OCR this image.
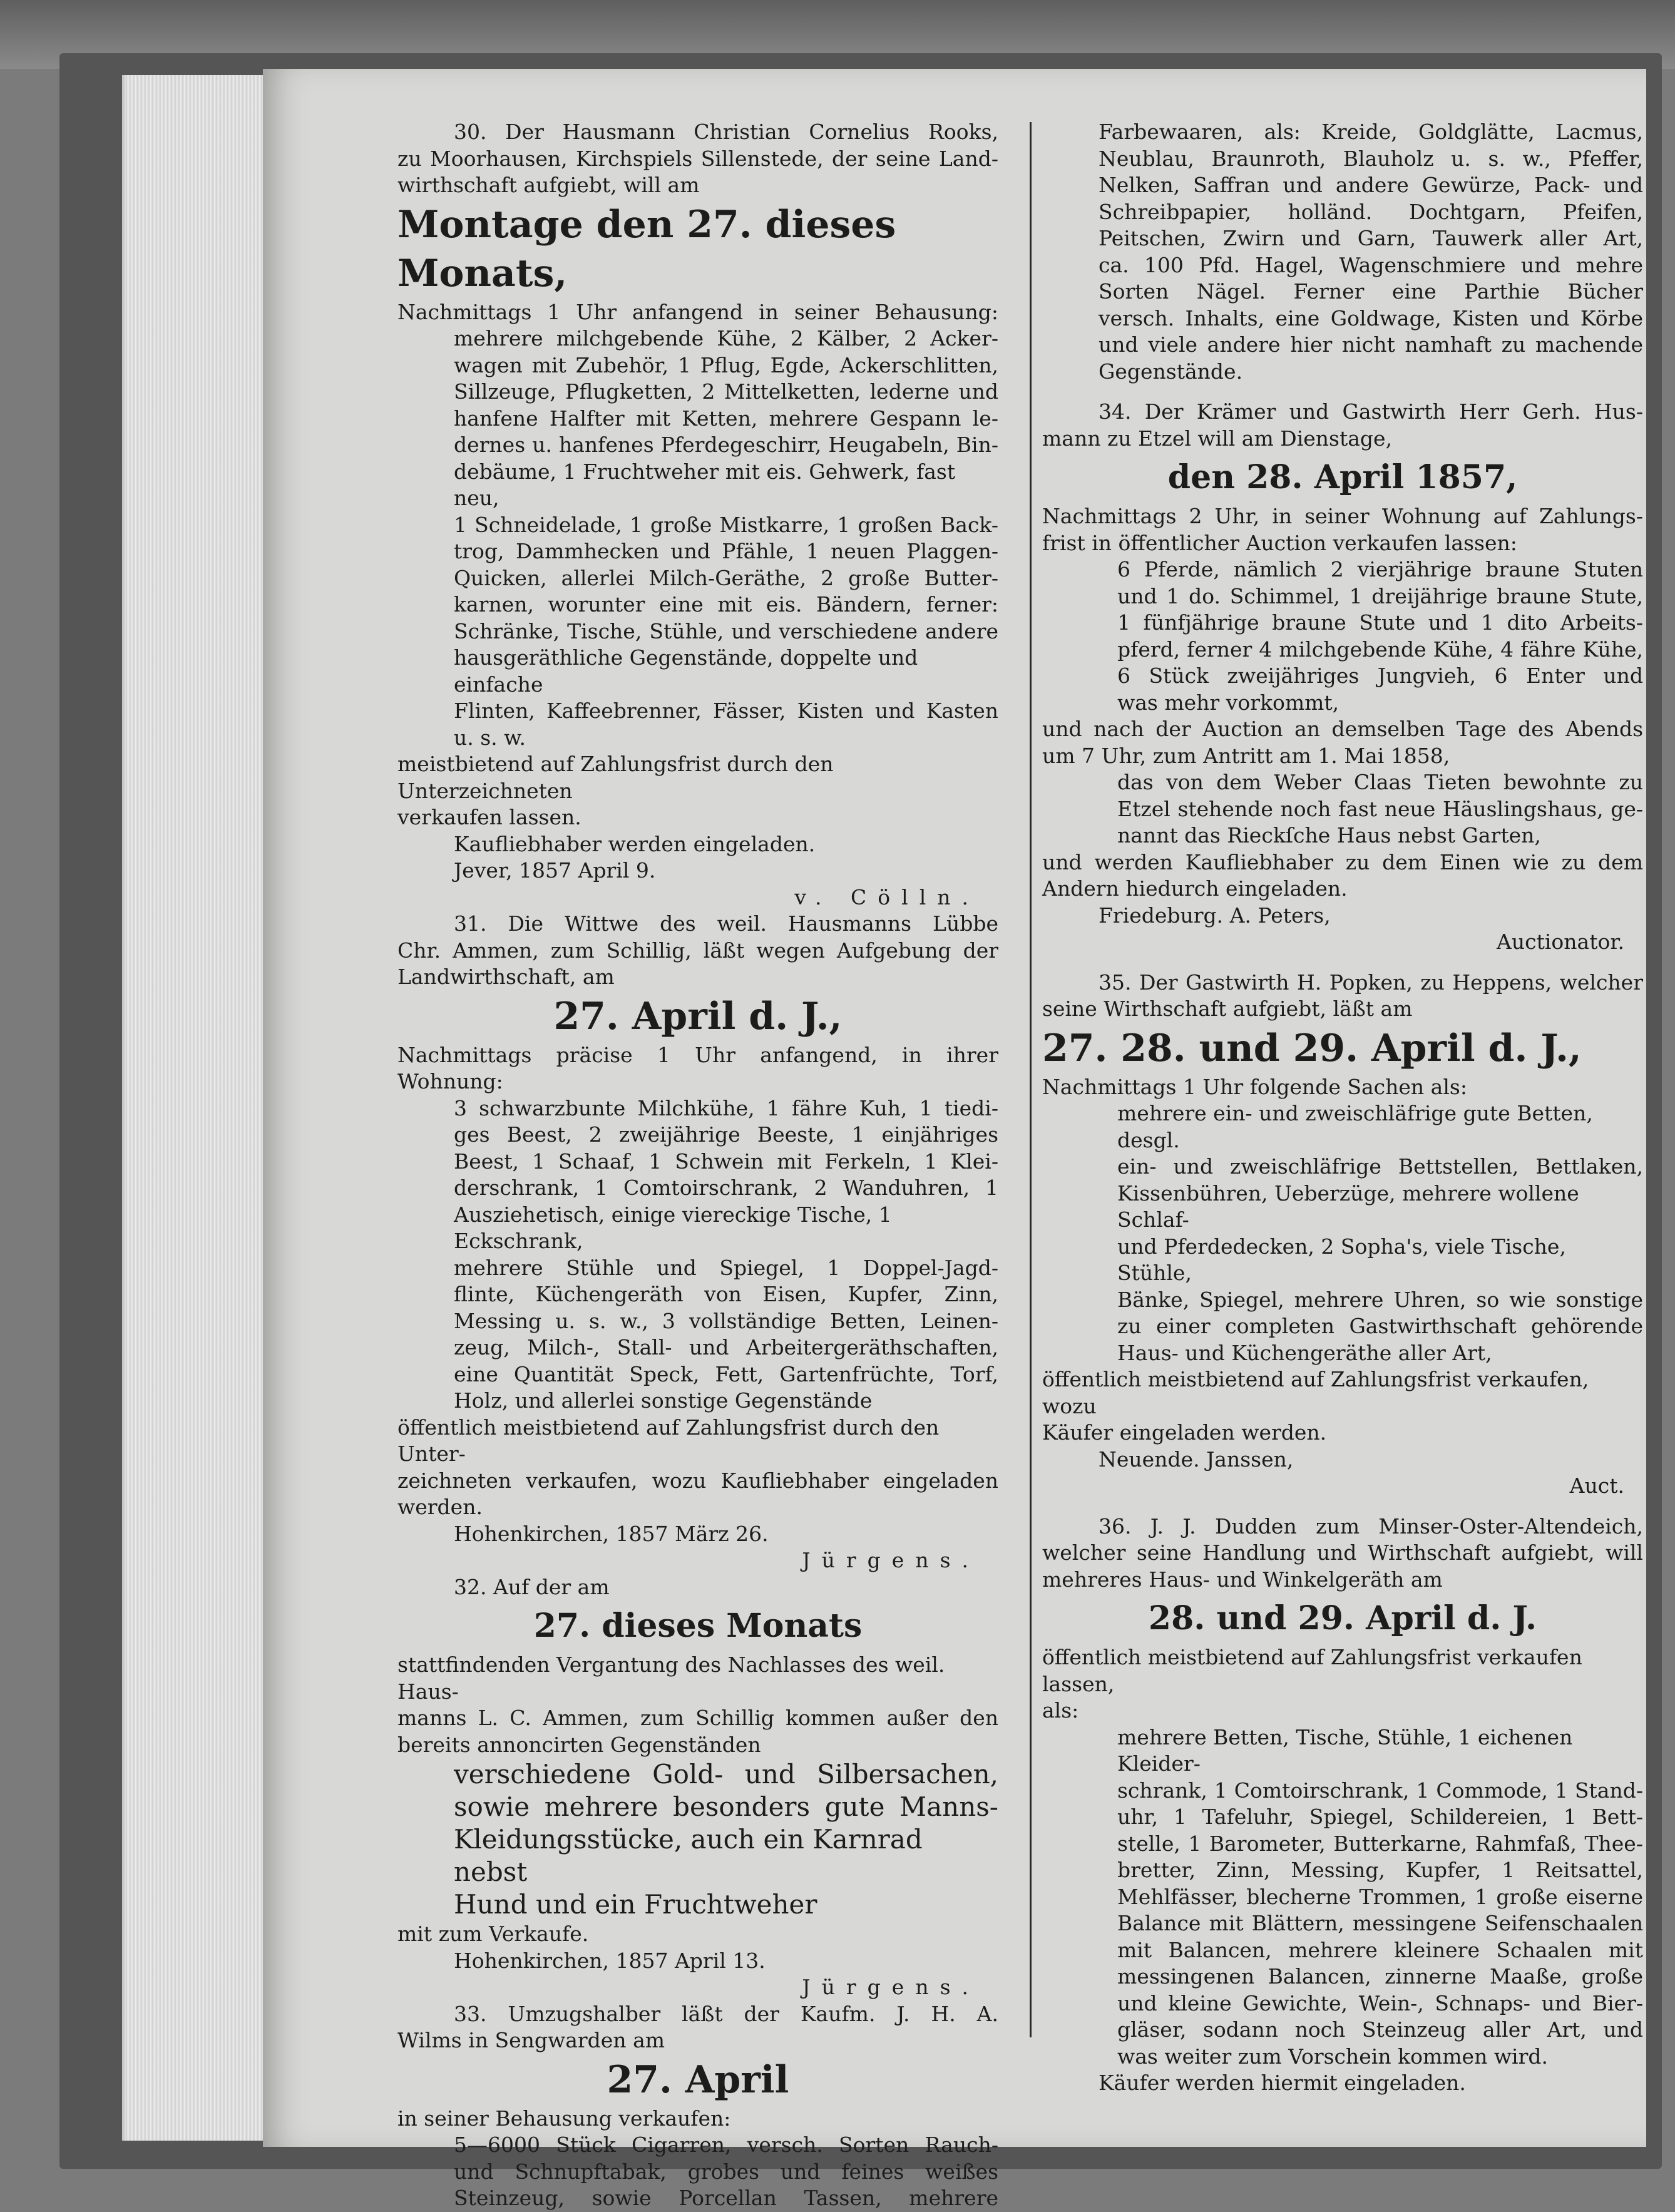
30. Der Hausmann Christian Cornelius Rooks,

zu Moorhausen, Kirchspiels Sillenstede, der seine Land-

wirthschaft aufgiebt, will am

Montage den 27. dieses Monats,

Nachmittags 1 Uhr anfangend in seiner Behausung:

mehrere milchgebende Kühe, 2 Kälber, 2 Acker-

wagen mit Zubehör, 1 Pflug, Egde, Ackerschlitten,

Sillzeuge, Pflugketten, 2 Mittelketten, lederne und

hanfene Halfter mit Ketten, mehrere Gespann le-

dernes u. hanfenes Pferdegeschirr, Heugabeln, Bin-

debäume, 1 Fruchtweher mit eis. Gehwerk, fast neu,

1 Schneidelade, 1 große Mistkarre, 1 großen Back-

trog, Dammhecken und Pfähle, 1 neuen Plaggen-

Quicken, allerlei Milch-Geräthe, 2 große Butter-

karnen, worunter eine mit eis. Bändern, ferner:

Schränke, Tische, Stühle, und verschiedene andere

hausgeräthliche Gegenstände, doppelte und einfache

Flinten, Kaffeebrenner, Fässer, Kisten und Kasten

u. s. w.

meistbietend auf Zahlungsfrist durch den Unterzeichneten

verkaufen lassen.

Kaufliebhaber werden eingeladen.

Jever, 1857 April 9.

v. Cölln.

31. Die Wittwe des weil. Hausmanns Lübbe

Chr. Ammen, zum Schillig, läßt wegen Aufgebung der

Landwirthschaft, am

27. April d. J.,

Nachmittags präcise 1 Uhr anfangend, in ihrer

Wohnung:

3 schwarzbunte Milchkühe, 1 fähre Kuh, 1 tiedi-

ges Beest, 2 zweijährige Beeste, 1 einjähriges

Beest, 1 Schaaf, 1 Schwein mit Ferkeln, 1 Klei-

derschrank, 1 Comtoirschrank, 2 Wanduhren, 1

Ausziehetisch, einige viereckige Tische, 1 Eckschrank,

mehrere Stühle und Spiegel, 1 Doppel-Jagd-

flinte, Küchengeräth von Eisen, Kupfer, Zinn,

Messing u. s. w., 3 vollständige Betten, Leinen-

zeug, Milch-, Stall- und Arbeitergeräthschaften,

eine Quantität Speck, Fett, Gartenfrüchte, Torf,

Holz, und allerlei sonstige Gegenstände

öffentlich meistbietend auf Zahlungsfrist durch den Unter-

zeichneten verkaufen, wozu Kaufliebhaber eingeladen

werden.

Hohenkirchen, 1857 März 26.

Jürgens.

32. Auf der am

27. dieses Monats

stattfindenden Vergantung des Nachlasses des weil. Haus-

manns L. C. Ammen, zum Schillig kommen außer den

bereits annoncirten Gegenständen

verschiedene Gold- und Silbersachen,

sowie mehrere besonders gute Manns-

Kleidungsstücke, auch ein Karnrad nebst

Hund und ein Fruchtweher

mit zum Verkaufe.

Hohenkirchen, 1857 April 13.

Jürgens.

33. Umzugshalber läßt der Kaufm. J. H. A.

Wilms in Sengwarden am

27. April

in seiner Behausung verkaufen:

5—6000 Stück Cigarren, versch. Sorten Rauch-

und Schnupftabak, grobes und feines weißes

Steinzeug, sowie Porcellan Tassen, mehrere

Farbewaaren, als: Kreide, Goldglätte, Lacmus,

Neublau, Braunroth, Blauholz u. s. w., Pfeffer,

Nelken, Saffran und andere Gewürze, Pack- und

Schreibpapier, holländ. Dochtgarn, Pfeifen,

Peitschen, Zwirn und Garn, Tauwerk aller Art,

ca. 100 Pfd. Hagel, Wagenschmiere und mehre

Sorten Nägel. Ferner eine Parthie Bücher

versch. Inhalts, eine Goldwage, Kisten und Körbe

und viele andere hier nicht namhaft zu machende

Gegenstände.

34. Der Krämer und Gastwirth Herr Gerh. Hus-

mann zu Etzel will am Dienstage,

den 28. April 1857,

Nachmittags 2 Uhr, in seiner Wohnung auf Zahlungs-

frist in öffentlicher Auction verkaufen lassen:

6 Pferde, nämlich 2 vierjährige braune Stuten

und 1 do. Schimmel, 1 dreijährige braune Stute,

1 fünfjährige braune Stute und 1 dito Arbeits-

pferd, ferner 4 milchgebende Kühe, 4 fähre Kühe,

6 Stück zweijähriges Jungvieh, 6 Enter und

was mehr vorkommt,

und nach der Auction an demselben Tage des Abends

um 7 Uhr, zum Antritt am 1. Mai 1858,

das von dem Weber Claas Tieten bewohnte zu

Etzel stehende noch fast neue Häuslingshaus, ge-

nannt das Rieckſche Haus nebst Garten,

und werden Kaufliebhaber zu dem Einen wie zu dem

Andern hiedurch eingeladen.

Friedeburg. A. Peters,

Auctionator.

35. Der Gastwirth H. Popken, zu Heppens, welcher

seine Wirthschaft aufgiebt, läßt am

27. 28. und 29. April d. J.,

Nachmittags 1 Uhr folgende Sachen als:

mehrere ein- und zweischläfrige gute Betten, desgl.

ein- und zweischläfrige Bettstellen, Bettlaken,

Kissenbühren, Ueberzüge, mehrere wollene Schlaf-

und Pferdedecken, 2 Sopha's, viele Tische, Stühle,

Bänke, Spiegel, mehrere Uhren, so wie sonstige

zu einer completen Gastwirthschaft gehörende

Haus- und Küchengeräthe aller Art,

öffentlich meistbietend auf Zahlungsfrist verkaufen, wozu

Käufer eingeladen werden.

Neuende. Janssen,

Auct.

36. J. J. Dudden zum Minser-Oster-Altendeich,

welcher seine Handlung und Wirthschaft aufgiebt, will

mehreres Haus- und Winkelgeräth am

28. und 29. April d. J.

öffentlich meistbietend auf Zahlungsfrist verkaufen lassen,

als:

mehrere Betten, Tische, Stühle, 1 eichenen Kleider-

schrank, 1 Comtoirschrank, 1 Commode, 1 Stand-

uhr, 1 Tafeluhr, Spiegel, Schildereien, 1 Bett-

stelle, 1 Barometer, Butterkarne, Rahmfaß, Thee-

bretter, Zinn, Messing, Kupfer, 1 Reitsattel,

Mehlfässer, blecherne Trommen, 1 große eiserne

Balance mit Blättern, messingene Seifenschaalen

mit Balancen, mehrere kleinere Schaalen mit

messingenen Balancen, zinnerne Maaße, große

und kleine Gewichte, Wein-, Schnaps- und Bier-

gläser, sodann noch Steinzeug aller Art, und

was weiter zum Vorschein kommen wird.

Käufer werden hiermit eingeladen.
